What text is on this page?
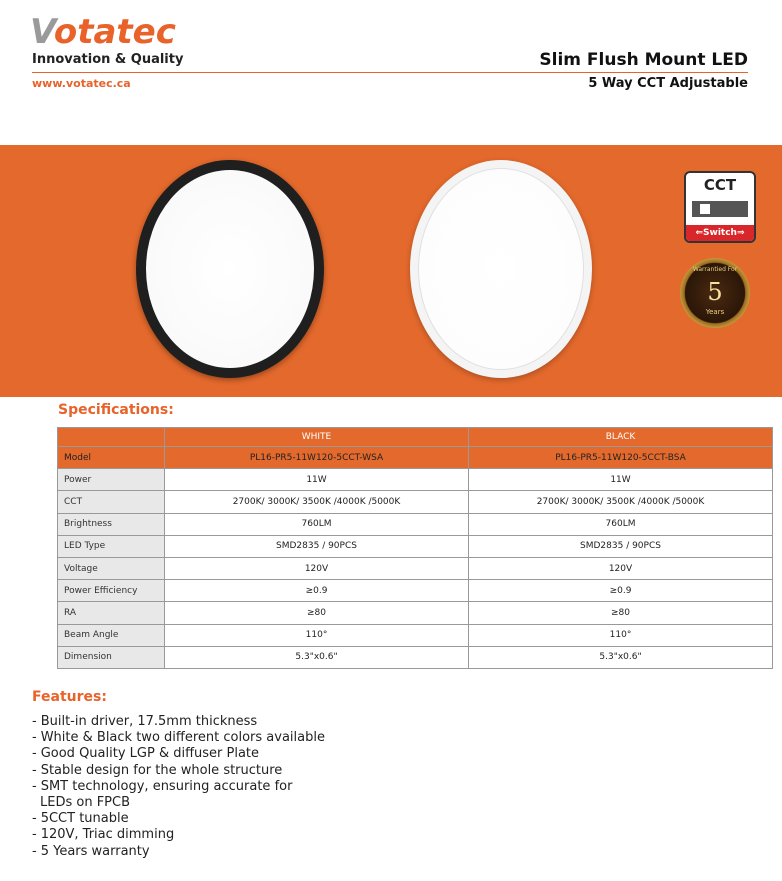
Votatec
Innovation & Quality
www.votatec.ca
Slim Flush Mount LED
5 Way CCT Adjustable
CCT
⇐Switch⇒
Warrantied For
5
Years
Specifications:
	WHITE	BLACK
Model	PL16-PR5-11W120-5CCT-WSA	PL16-PR5-11W120-5CCT-BSA
Power	11W	11W
CCT	2700K/ 3000K/ 3500K /4000K /5000K	2700K/ 3000K/ 3500K /4000K /5000K
Brightness	760LM	760LM
LED Type	SMD2835 / 90PCS	SMD2835 / 90PCS
Voltage	120V	120V
Power Efficiency	≥0.9	≥0.9
RA	≥80	≥80
Beam Angle	110°	110°
Dimension	5.3"x0.6"	5.3"x0.6"
Features:
- Built-in driver, 17.5mm thickness
- White & Black two different colors available
- Good Quality LGP & diffuser Plate
- Stable design for the whole structure
- SMT technology, ensuring accurate for
LEDs on FPCB
- 5CCT tunable
- 120V, Triac dimming
- 5 Years warranty
